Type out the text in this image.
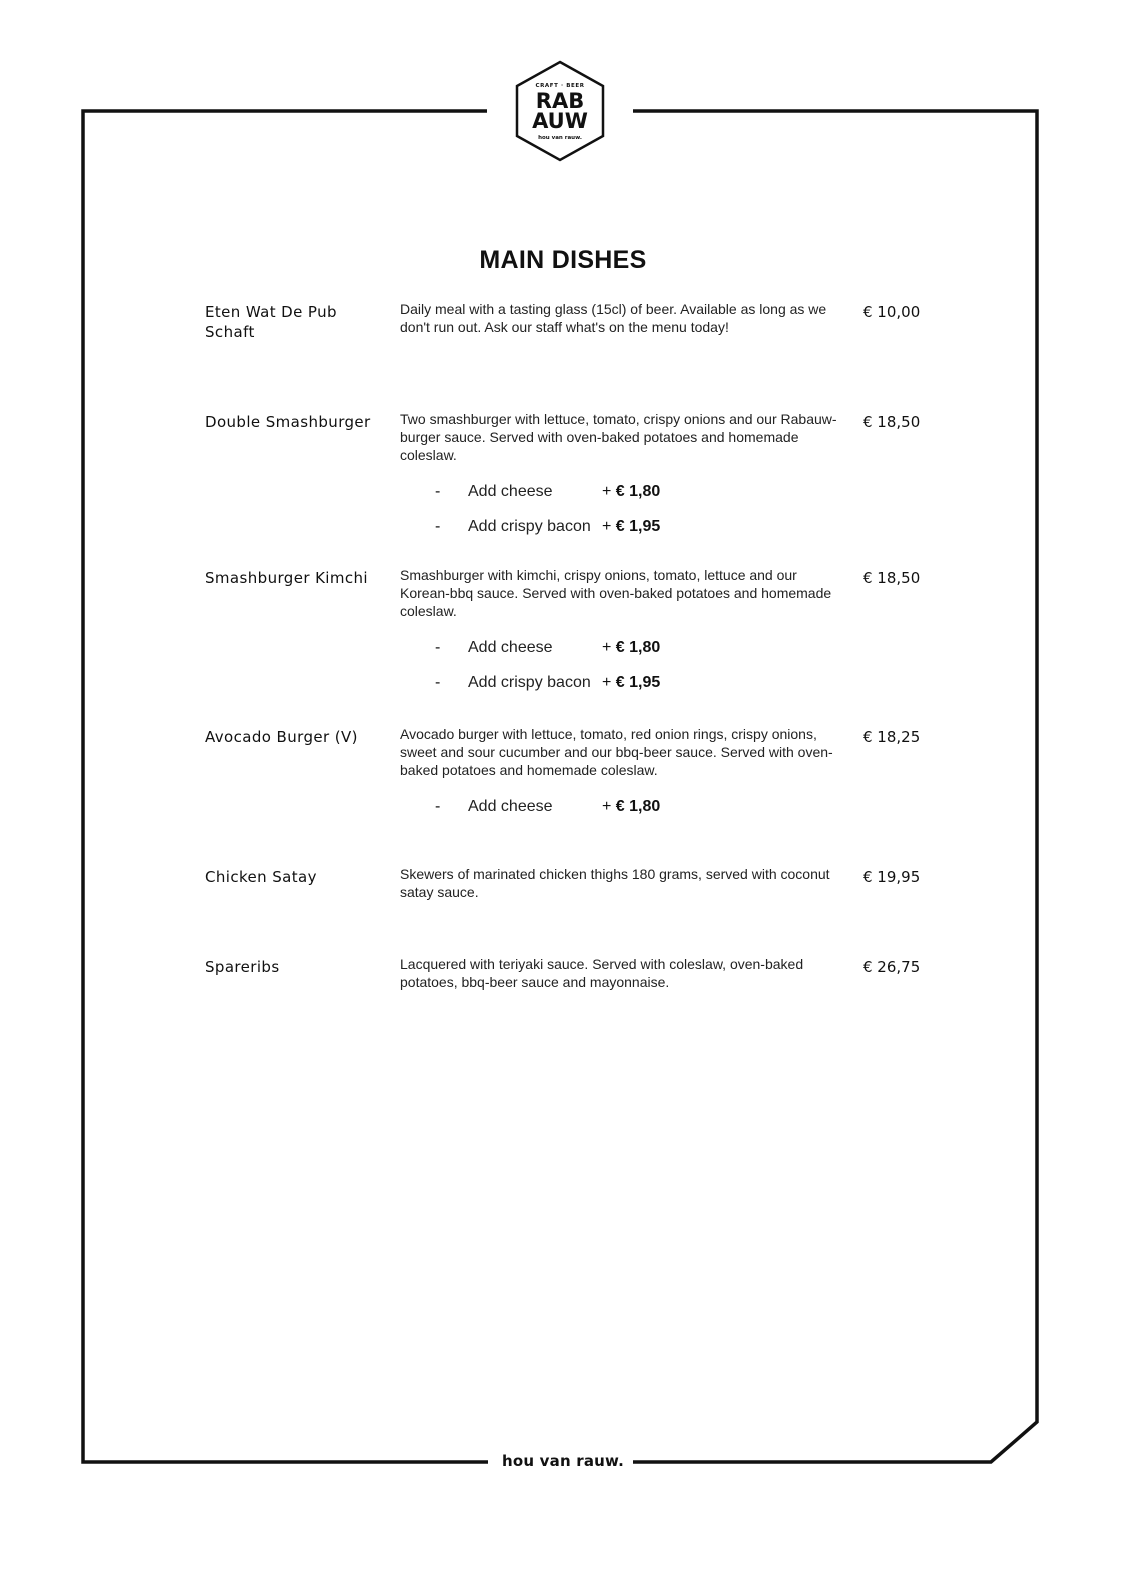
CRAFT · BEER
RAB
AUW
hou van rauw.
MAIN DISHES
Eten Wat De Pub Schaft
Daily meal with a tasting glass (15cl) of beer. Available as long as we don't run out. Ask our staff what's on the menu today!
€ 10,00
Double Smashburger	Two smashburger with lettuce, tomato, crispy onions and our Rabauw-burger sauce. Served with oven-baked potatoes and homemade coleslaw.
€ 18,50
-	Add cheese	+ € 1,80
-	Add crispy bacon + € 1,95
Smashburger Kimchi	Smashburger with kimchi, crispy onions, tomato, lettuce and our Korean-bbq sauce. Served with oven-baked potatoes and homemade coleslaw.
€ 18,50
-	Add cheese	+ € 1,80
-	Add crispy bacon + € 1,95
Avocado Burger (V)	Avocado burger with lettuce, tomato, red onion rings, crispy onions, sweet and sour cucumber and our bbq-beer sauce. Served with oven-baked potatoes and homemade coleslaw.
€ 18,25
-	Add cheese	+ € 1,80
Chicken Satay	Skewers of marinated chicken thighs 180 grams, served with coconut satay sauce.
€ 19,95
Spareribs	Lacquered with teriyaki sauce. Served with coleslaw, oven-baked potatoes, bbq-beer sauce and mayonnaise.
€ 26,75
hou van rauw.
